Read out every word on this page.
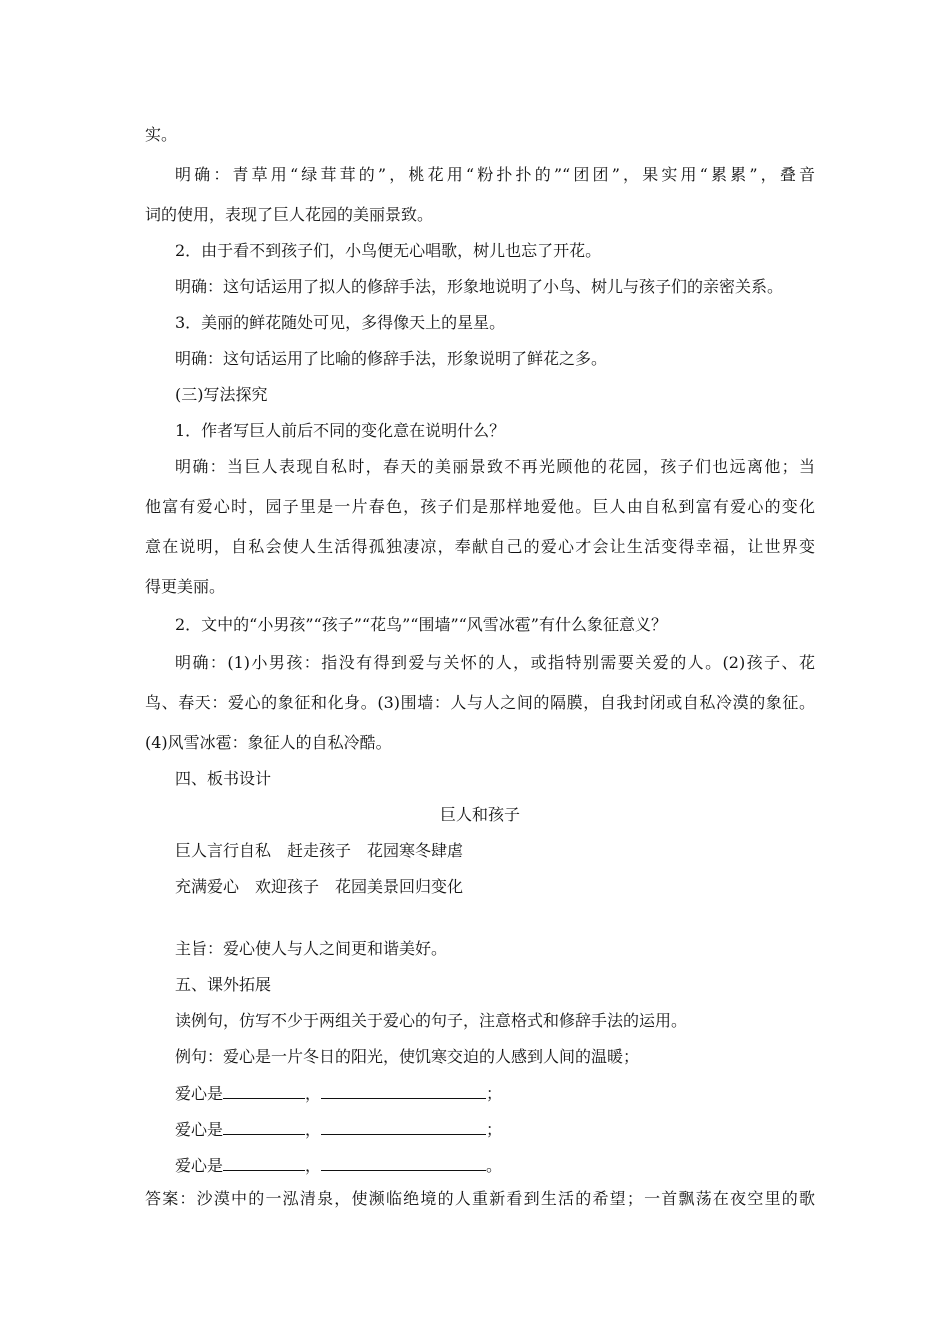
实。
明确：青草用“绿茸茸的”，桃花用“粉扑扑的”“团团”，果实用“累累”，叠音
词的使用，表现了巨人花园的美丽景致。
2．由于看不到孩子们，小鸟便无心唱歌，树儿也忘了开花。
明确：这句话运用了拟人的修辞手法，形象地说明了小鸟、树儿与孩子们的亲密关系。
3．美丽的鲜花随处可见，多得像天上的星星。
明确：这句话运用了比喻的修辞手法，形象说明了鲜花之多。
(三)写法探究
1．作者写巨人前后不同的变化意在说明什么？
明确：当巨人表现自私时，春天的美丽景致不再光顾他的花园，孩子们也远离他；当
他富有爱心时，园子里是一片春色，孩子们是那样地爱他。巨人由自私到富有爱心的变化
意在说明，自私会使人生活得孤独凄凉，奉献自己的爱心才会让生活变得幸福，让世界变
得更美丽。
2．文中的“小男孩”“孩子”“花鸟”“围墙”“风雪冰雹”有什么象征意义？
明确：(1)小男孩：指没有得到爱与关怀的人，或指特别需要关爱的人。(2)孩子、花
鸟、春天：爱心的象征和化身。(3)围墙：人与人之间的隔膜，自我封闭或自私冷漠的象征。
(4)风雪冰雹：象征人的自私冷酷。
四、板书设计
巨人和孩子
巨人言行自私　赶走孩子　花园寒冬肆虐
充满爱心　欢迎孩子　花园美景回归变化
主旨：爱心使人与人之间更和谐美好。
五、课外拓展
读例句，仿写不少于两组关于爱心的句子，注意格式和修辞手法的运用。
例句：爱心是一片冬日的阳光，使饥寒交迫的人感到人间的温暖；
爱心是	，	；
爱心是	，	；
爱心是	，	。
答案：沙漠中的一泓清泉，使濒临绝境的人重新看到生活的希望；一首飘荡在夜空里的歌
